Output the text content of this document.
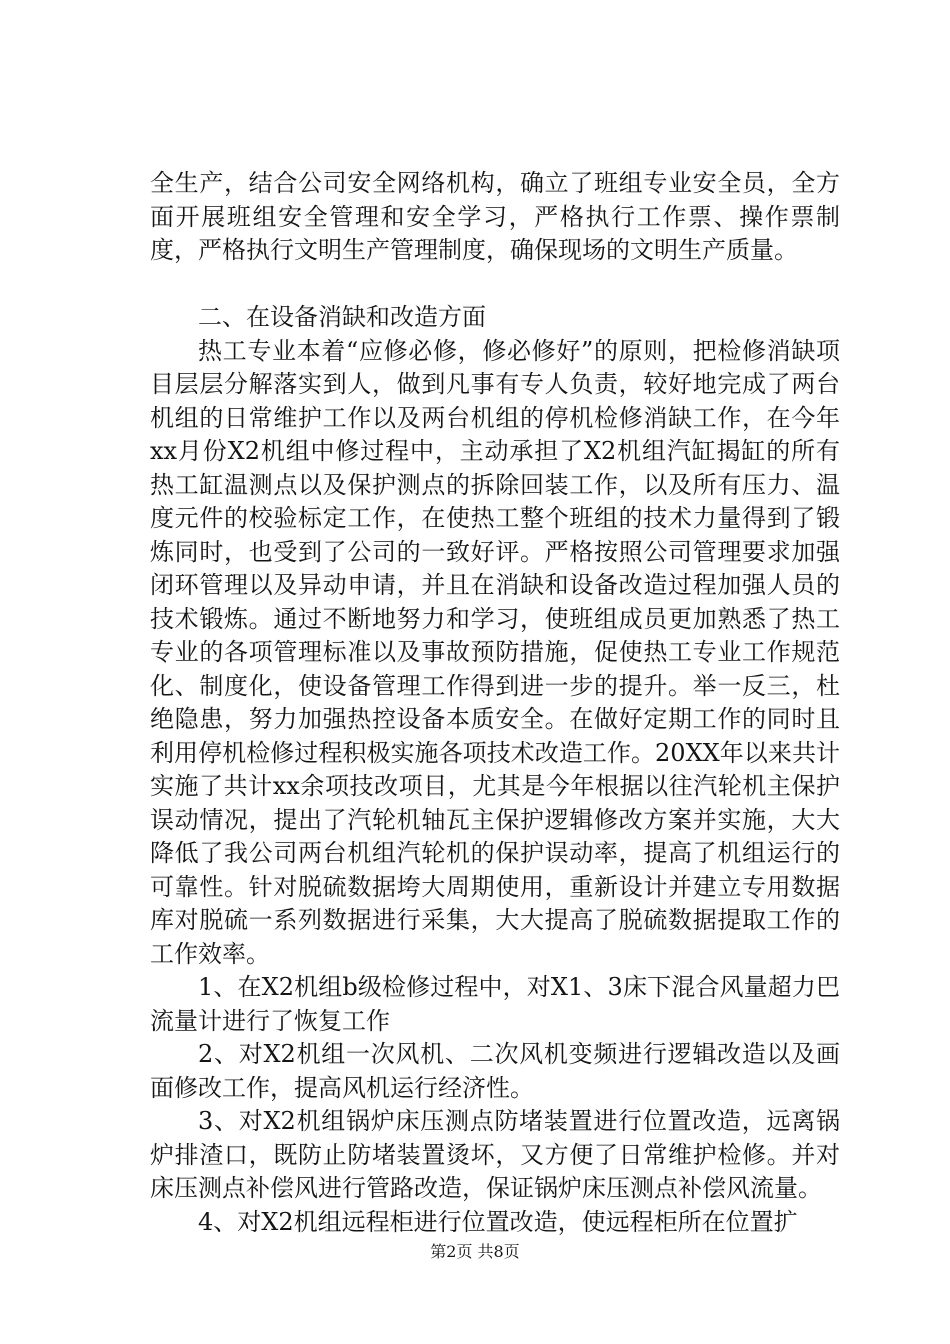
全生产，结合公司安全网络机构，确立了班组专业安全员，全方面开展班组安全管理和安全学习，严格执行工作票、操作票制度，严格执行文明生产管理制度，确保现场的文明生产质量。

二、在设备消缺和改造方面

热工专业本着“应修必修，修必修好”的原则，把检修消缺项目层层分解落实到人，做到凡事有专人负责，较好地完成了两台机组的日常维护工作以及两台机组的停机检修消缺工作，在今年xx月份X2机组中修过程中，主动承担了X2机组汽缸揭缸的所有热工缸温测点以及保护测点的拆除回装工作，以及所有压力、温度元件的校验标定工作，在使热工整个班组的技术力量得到了锻炼同时，也受到了公司的一致好评。严格按照公司管理要求加强闭环管理以及异动申请，并且在消缺和设备改造过程加强人员的技术锻炼。通过不断地努力和学习，使班组成员更加熟悉了热工专业的各项管理标准以及事故预防措施，促使热工专业工作规范化、制度化，使设备管理工作得到进一步的提升。举一反三，杜绝隐患，努力加强热控设备本质安全。在做好定期工作的同时且利用停机检修过程积极实施各项技术改造工作。20XX年以来共计实施了共计xx余项技改项目，尤其是今年根据以往汽轮机主保护误动情况，提出了汽轮机轴瓦主保护逻辑修改方案并实施，大大降低了我公司两台机组汽轮机的保护误动率，提高了机组运行的可靠性。针对脱硫数据垮大周期使用，重新设计并建立专用数据库对脱硫一系列数据进行采集，大大提高了脱硫数据提取工作的工作效率。

1、在X2机组b级检修过程中，对X1、3床下混合风量超力巴流量计进行了恢复工作

2、对X2机组一次风机、二次风机变频进行逻辑改造以及画面修改工作，提高风机运行经济性。

3、对X2机组锅炉床压测点防堵装置进行位置改造，远离锅炉排渣口，既防止防堵装置烫坏，又方便了日常维护检修。并对床压测点补偿风进行管路改造，保证锅炉床压测点补偿风流量。

4、对X2机组远程柜进行位置改造，使远程柜所在位置扩

第2页 共8页
